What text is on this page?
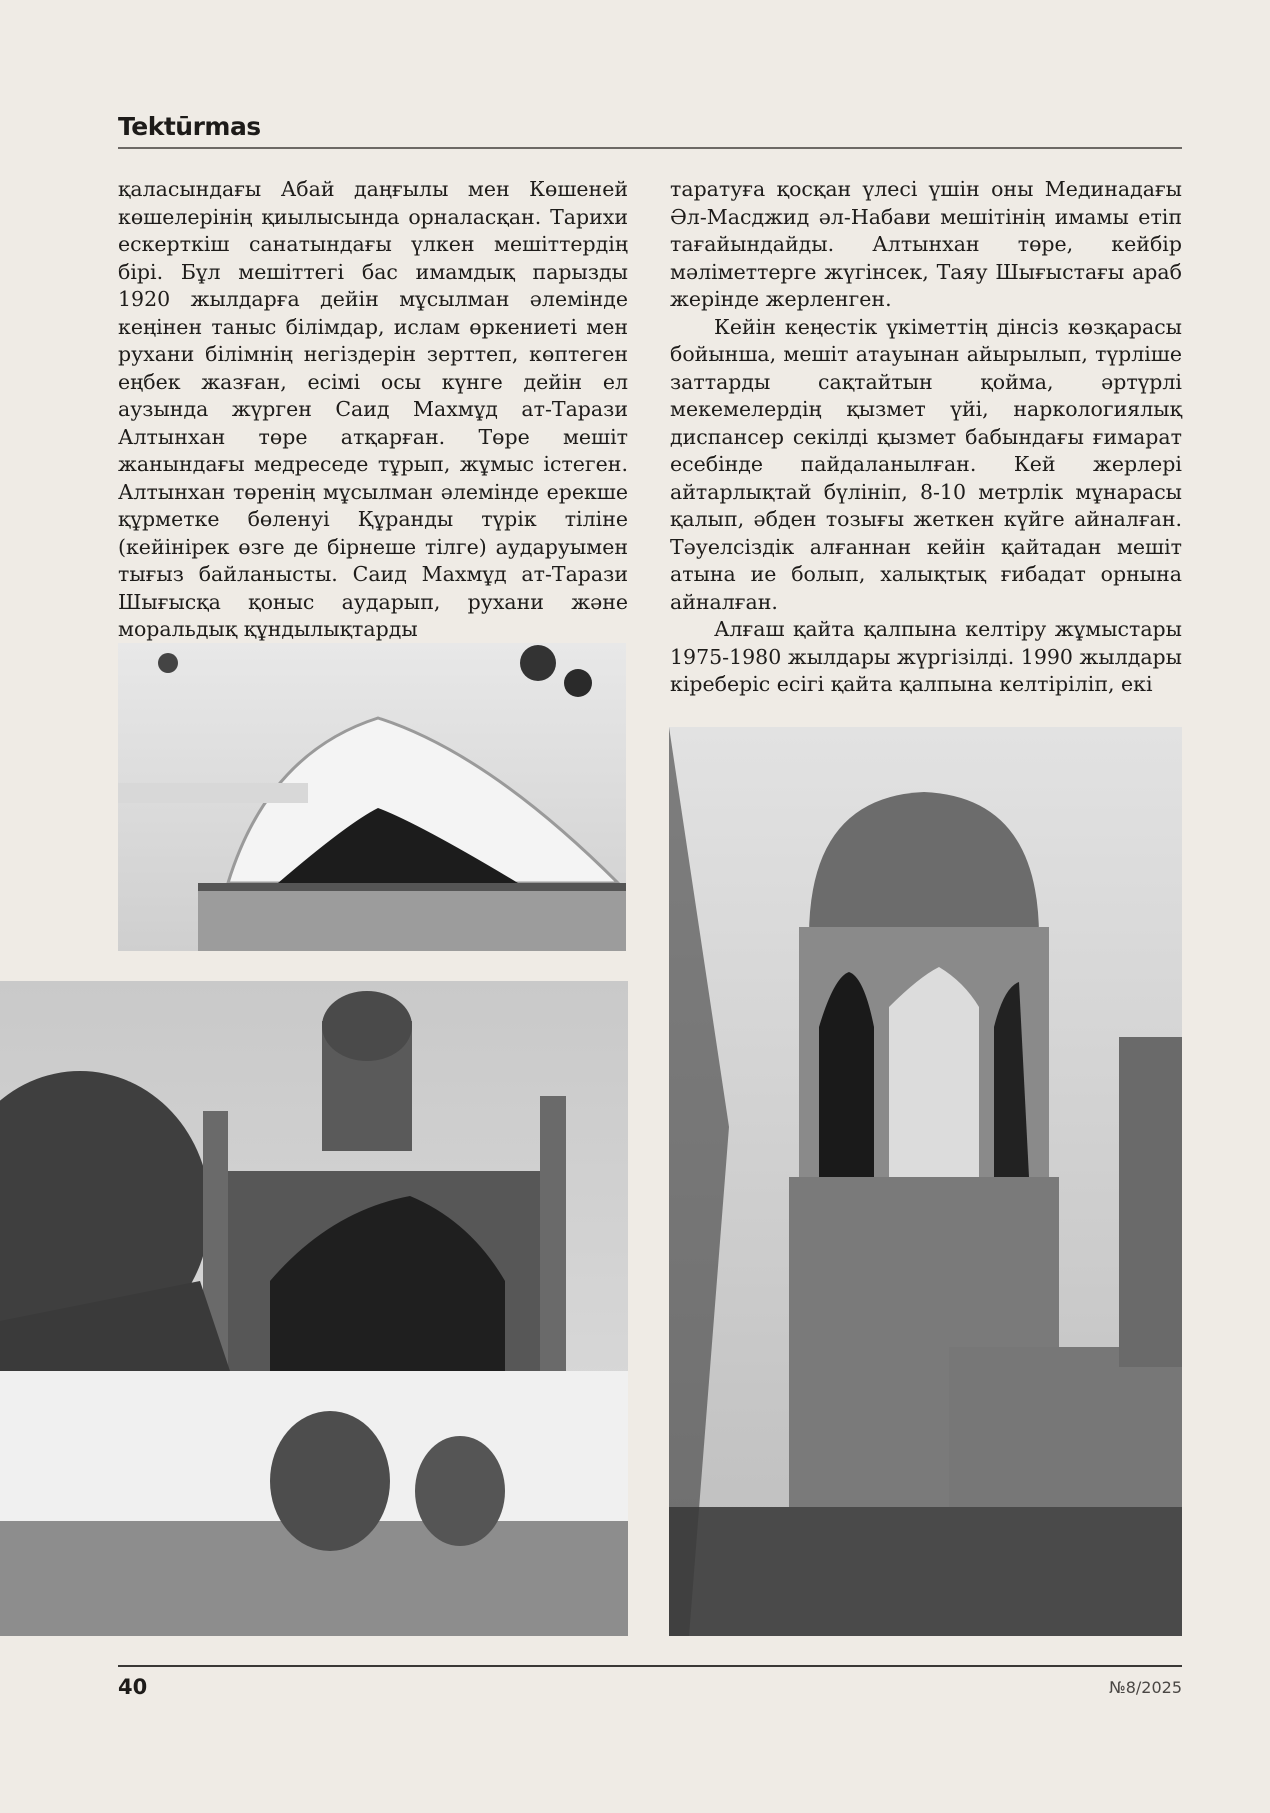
Tektūrmas

қаласындағы Абай даңғылы мен Көшеней көшелерінің қиылысында орналасқан. Тарихи ескерткіш санатындағы үлкен мешіттердің бірі. Бұл мешіттегі бас имамдық парызды 1920 жылдарға дейін мұсылман әлемінде кеңінен таныс білімдар, ислам өркениеті мен рухани білімнің негіздерін зерттеп, көптеген еңбек жазған, есімі осы күнге дейін ел аузында жүрген Саид Махмұд ат-Тарази Алтынхан төре атқарған. Төре мешіт жанындағы медреседе тұрып, жұмыс істеген. Алтынхан төренің мұсылман әлемінде ерекше құрметке бөленуі Құранды түрік тіліне (кейінірек өзге де бірнеше тілге) аударуымен тығыз байланысты. Саид Махмұд ат-Тарази Шығысқа қоныс аударып, рухани және моральдық құндылықтарды

таратуға қосқан үлесі үшін оны Мединадағы Әл-Масджид әл-Набави мешітінің имамы етіп тағайындайды. Алтынхан төре, кейбір мәліметтерге жүгінсек, Таяу Шығыстағы араб жерінде жерленген.

Кейін кеңестік үкіметтің дінсіз көзқарасы бойынша, мешіт атауынан айырылып, түрліше заттарды сақтайтын қойма, әртүрлі мекемелердің қызмет үйі, наркологиялық диспансер секілді қызмет бабындағы ғимарат есебінде пайдаланылған. Кей жерлері айтарлықтай бүлініп, 8-10 метрлік мұнарасы қалып, әбден тозығы жеткен күйге айналған. Тәуелсіздік алғаннан кейін қайтадан мешіт атына ие болып, халықтық ғибадат орнына айналған.

Алғаш қайта қалпына келтіру жұмыстары 1975-1980 жылдары жүргізілді. 1990 жылдары кіреберіс есігі қайта қалпына келтіріліп, екі

40	№8/2025
